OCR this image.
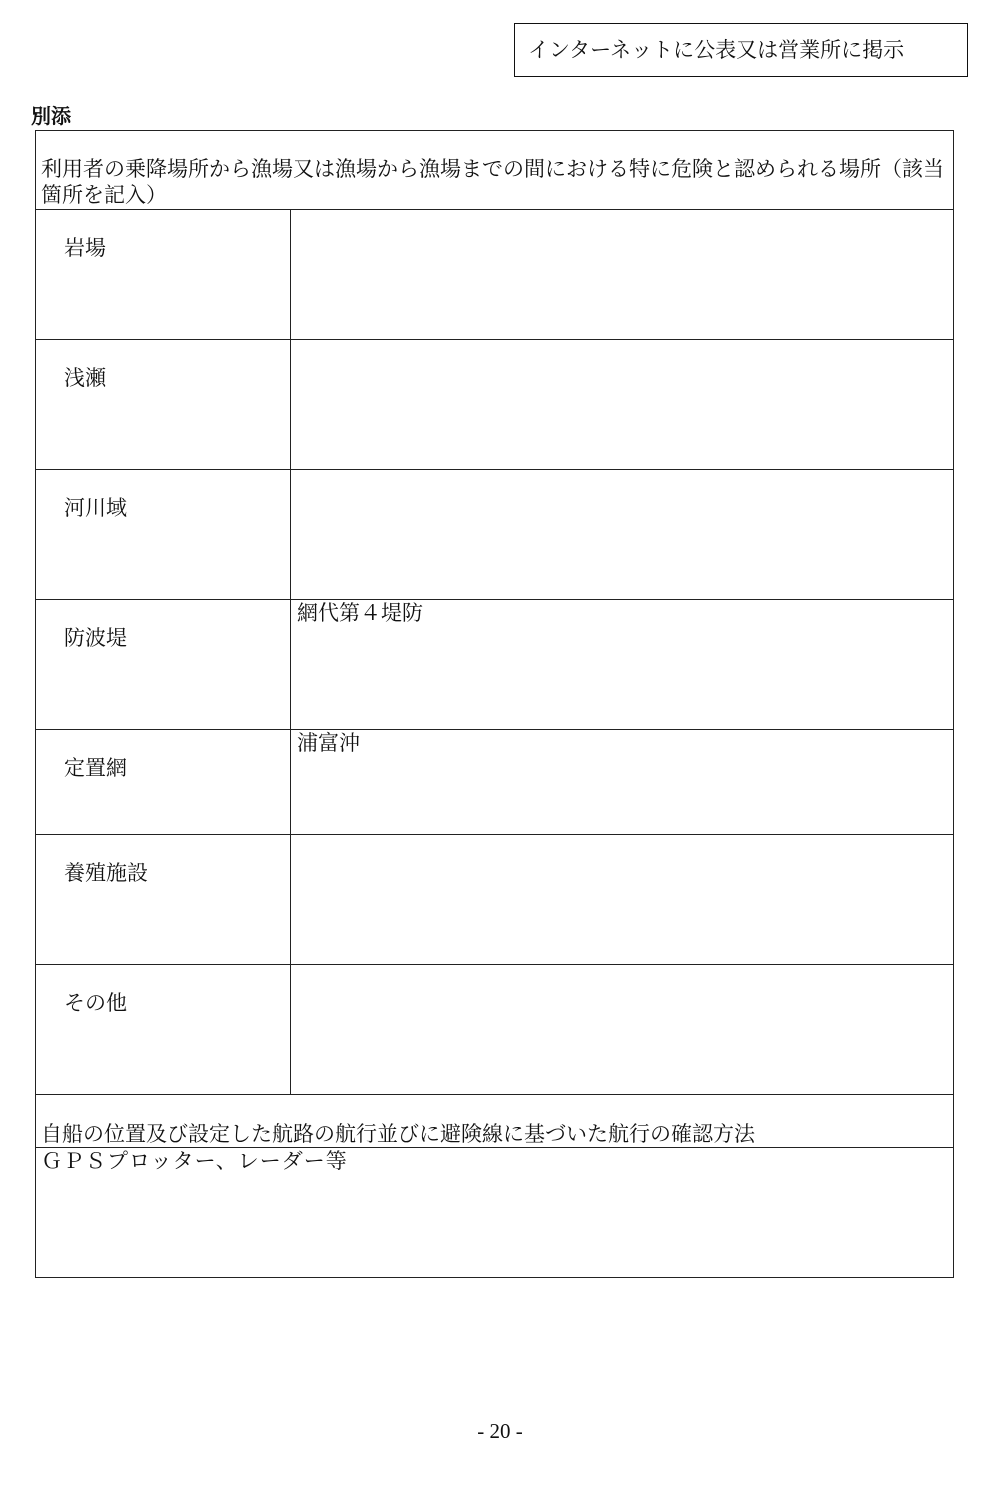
インターネットに公表又は営業所に掲示
別添
利用者の乗降場所から漁場又は漁場から漁場までの間における特に危険と認められる場所（該当箇所を記入）
岩場
浅瀬
河川域
防波堤
網代第４堤防
定置網
浦富沖
養殖施設
その他
自船の位置及び設定した航路の航行並びに避険線に基づいた航行の確認方法
ＧＰＳプロッター、レーダー等
- 20 -
